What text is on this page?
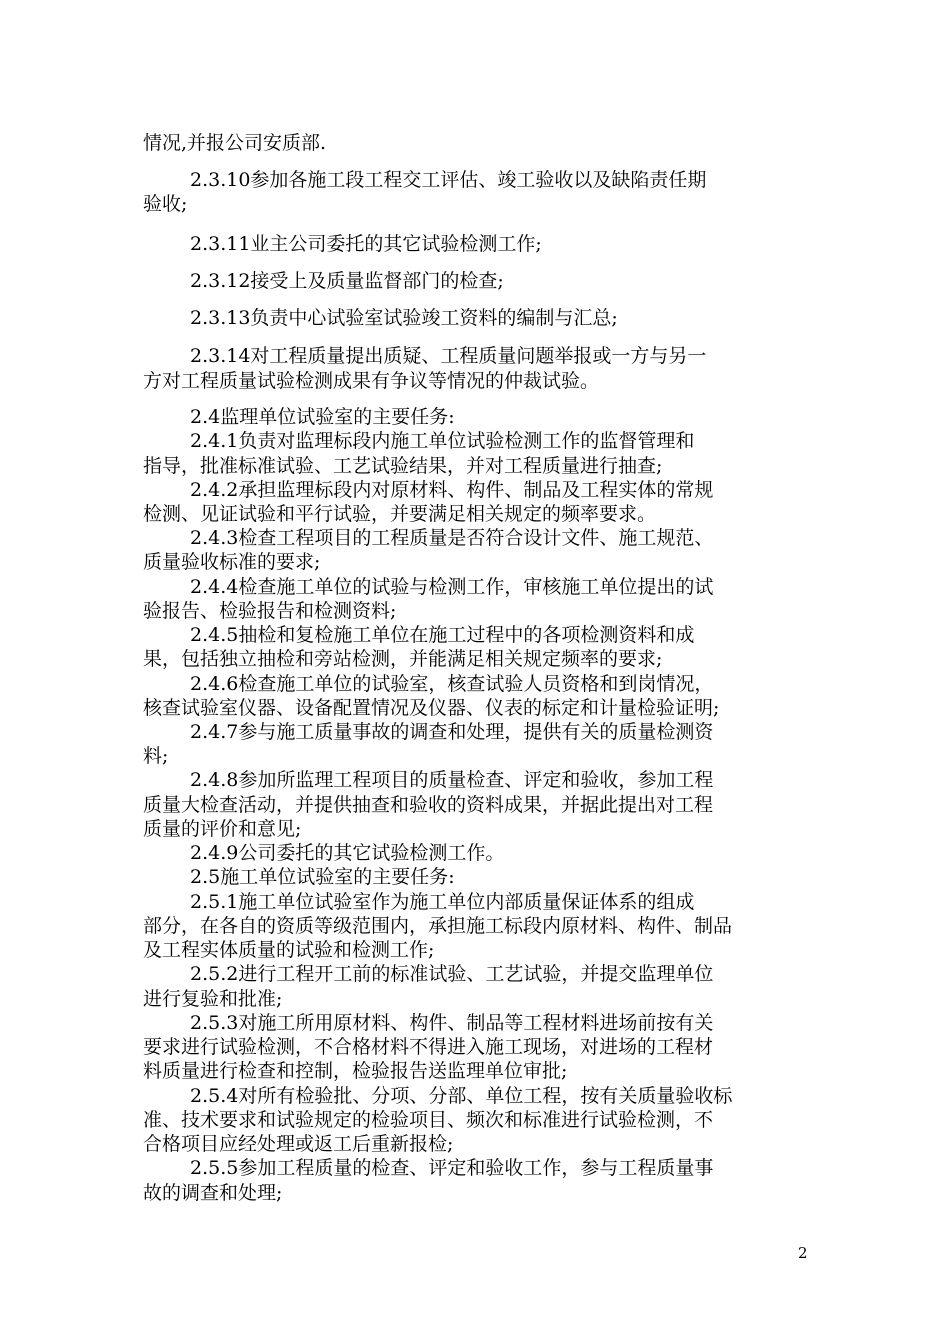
情况,并报公司安质部.
2.3.10参加各施工段工程交工评估、竣工验收以及缺陷责任期
验收;
2.3.11业主公司委托的其它试验检测工作;
2.3.12接受上及质量监督部门的检查;
2.3.13负责中心试验室试验竣工资料的编制与汇总;
2.3.14对工程质量提出质疑、工程质量问题举报或一方与另一
方对工程质量试验检测成果有争议等情况的仲裁试验。
2.4监理单位试验室的主要任务:
2.4.1负责对监理标段内施工单位试验检测工作的监督管理和
指导，批准标准试验、工艺试验结果，并对工程质量进行抽查;
2.4.2承担监理标段内对原材料、构件、制品及工程实体的常规
检测、见证试验和平行试验，并要满足相关规定的频率要求。
2.4.3检查工程项目的工程质量是否符合设计文件、施工规范、
质量验收标准的要求;
2.4.4检查施工单位的试验与检测工作，审核施工单位提出的试
验报告、检验报告和检测资料;
2.4.5抽检和复检施工单位在施工过程中的各项检测资料和成
果，包括独立抽检和旁站检测，并能满足相关规定频率的要求;
2.4.6检查施工单位的试验室，核查试验人员资格和到岗情况，
核查试验室仪器、设备配置情况及仪器、仪表的标定和计量检验证明;
2.4.7参与施工质量事故的调查和处理，提供有关的质量检测资
料;
2.4.8参加所监理工程项目的质量检查、评定和验收，参加工程
质量大检查活动，并提供抽查和验收的资料成果，并据此提出对工程
质量的评价和意见;
2.4.9公司委托的其它试验检测工作。
2.5施工单位试验室的主要任务:
2.5.1施工单位试验室作为施工单位内部质量保证体系的组成
部分，在各自的资质等级范围内，承担施工标段内原材料、构件、制品
及工程实体质量的试验和检测工作;
2.5.2进行工程开工前的标准试验、工艺试验，并提交监理单位
进行复验和批准;
2.5.3对施工所用原材料、构件、制品等工程材料进场前按有关
要求进行试验检测，不合格材料不得进入施工现场，对进场的工程材
料质量进行检查和控制，检验报告送监理单位审批;
2.5.4对所有检验批、分项、分部、单位工程，按有关质量验收标
准、技术要求和试验规定的检验项目、频次和标准进行试验检测，不
合格项目应经处理或返工后重新报检;
2.5.5参加工程质量的检查、评定和验收工作，参与工程质量事
故的调查和处理;
2
